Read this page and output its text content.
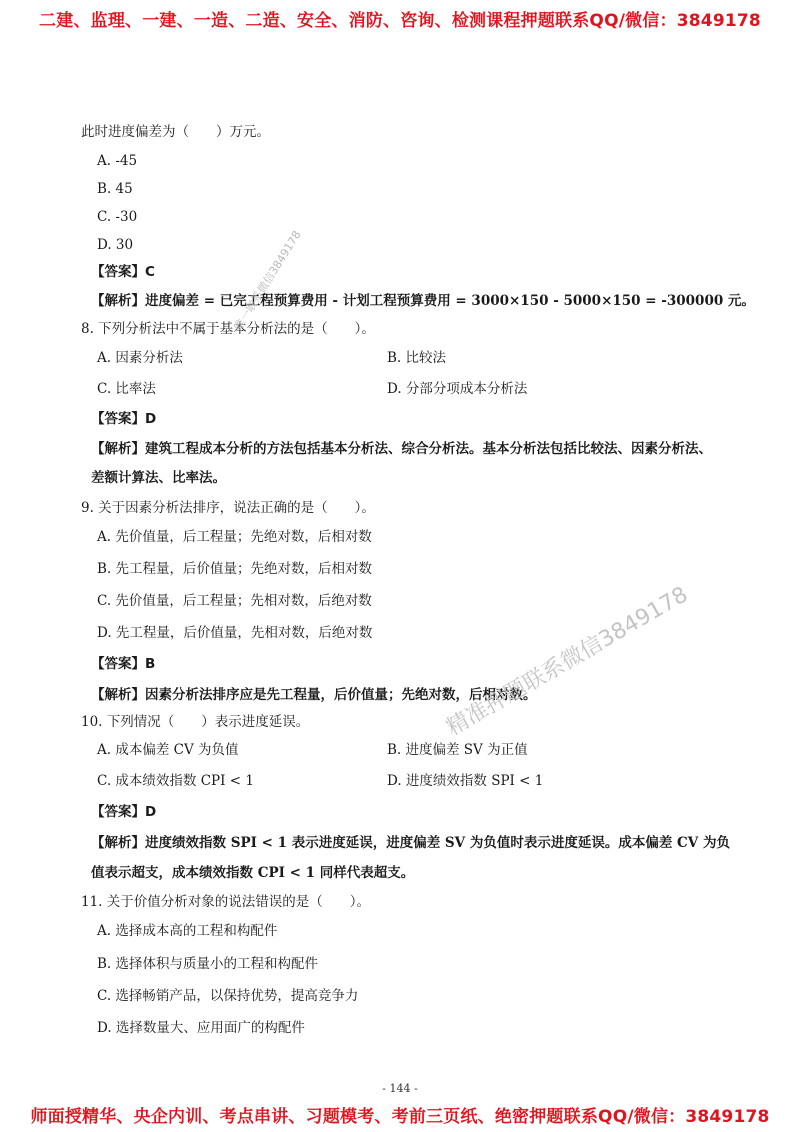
二建、监理、一建、一造、二造、安全、消防、咨询、检测课程押题联系QQ/微信：3849178
此时进度偏差为（　　）万元。
A. -45
B. 45
C. -30
D. 30
【答案】C
【解析】进度偏差 = 已完工程预算费用 - 计划工程预算费用 = 3000×150 - 5000×150 = -300000 元。
8. 下列分析法中不属于基本分析法的是（　　）。
A. 因素分析法	B. 比较法
C. 比率法	D. 分部分项成本分析法
【答案】D
【解析】建筑工程成本分析的方法包括基本分析法、综合分析法。基本分析法包括比较法、因素分析法、
差额计算法、比率法。
9. 关于因素分析法排序，说法正确的是（　　）。
A. 先价值量，后工程量；先绝对数，后相对数
B. 先工程量，后价值量；先绝对数，后相对数
C. 先价值量，后工程量；先相对数，后绝对数
D. 先工程量，后价值量，先相对数，后绝对数
【答案】B
【解析】因素分析法排序应是先工程量，后价值量；先绝对数，后相对数。
10. 下列情况（　　）表示进度延误。
A. 成本偏差 CV 为负值	B. 进度偏差 SV 为正值
C. 成本绩效指数 CPI < 1	D. 进度绩效指数 SPI < 1
【答案】D
【解析】进度绩效指数 SPI < 1 表示进度延误，进度偏差 SV 为负值时表示进度延误。成本偏差 CV 为负
值表示超支，成本绩效指数 CPI < 1 同样代表超支。
11. 关于价值分析对象的说法错误的是（　　）。
A. 选择成本高的工程和构配件
B. 选择体积与质量小的工程和构配件
C. 选择畅销产品，以保持优势，提高竞争力
D. 选择数量大、应用面广的构配件
唯一联系微信3849178
精准押题联系微信3849178
- 144 -
师面授精华、央企内训、考点串讲、习题模考、考前三页纸、绝密押题联系QQ/微信：3849178
